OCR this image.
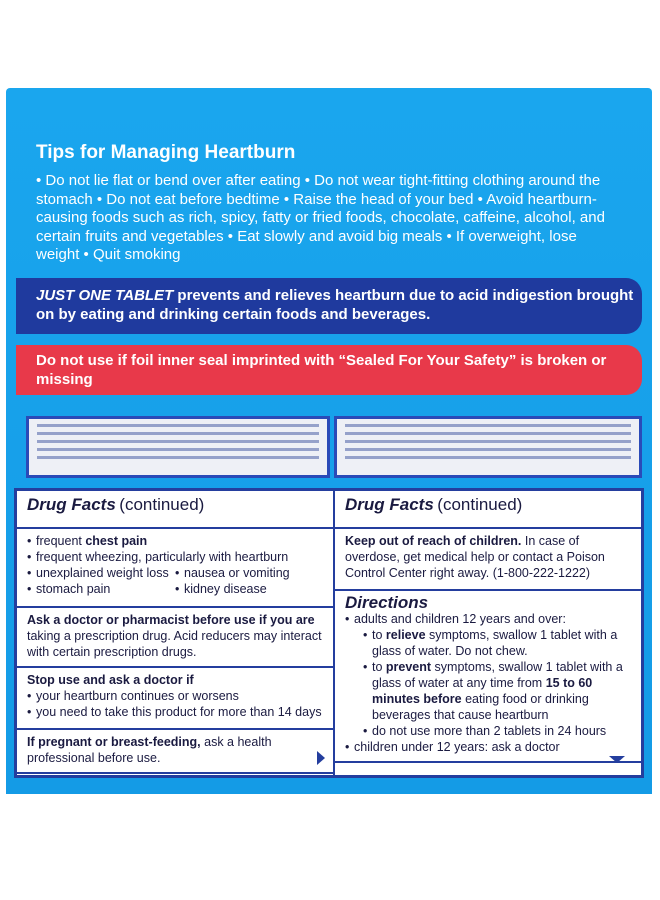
Tips for Managing Heartburn

• Do not lie flat or bend over after eating • Do not wear tight-fitting clothing around the stomach • Do not eat before bedtime • Raise the head of your bed • Avoid heartburn-causing foods such as rich, spicy, fatty or fried foods, chocolate, caffeine, alcohol, and certain fruits and vegetables • Eat slowly and avoid big meals • If overweight, lose weight • Quit smoking

JUST ONE TABLET prevents and relieves heartburn due to acid indigestion brought on by eating and drinking certain foods and beverages.
Do not use if foil inner seal imprinted with “Sealed For Your Safety” is broken or missing
Drug Facts (continued)
• frequent chest pain
• frequent wheezing, particularly with heartburn
• unexplained weight loss	• nausea or vomiting
• stomach pain	• kidney disease
Ask a doctor or pharmacist before use if you are
taking a prescription drug. Acid reducers may interact with certain prescription drugs.
Stop use and ask a doctor if
• your heartburn continues or worsens
• you need to take this product for more than 14 days
If pregnant or breast-feeding, ask a health professional before use.
Drug Facts (continued)
Keep out of reach of children. In case of overdose, get medical help or contact a Poison Control Center right away. (1-800-222-1222)
Directions
• adults and children 12 years and over:
• to relieve symptoms, swallow 1 tablet with a glass of water. Do not chew.
• to prevent symptoms, swallow 1 tablet with a glass of water at any time from 15 to 60 minutes before eating food or drinking beverages that cause heartburn
• do not use more than 2 tablets in 24 hours
• children under 12 years: ask a doctor
